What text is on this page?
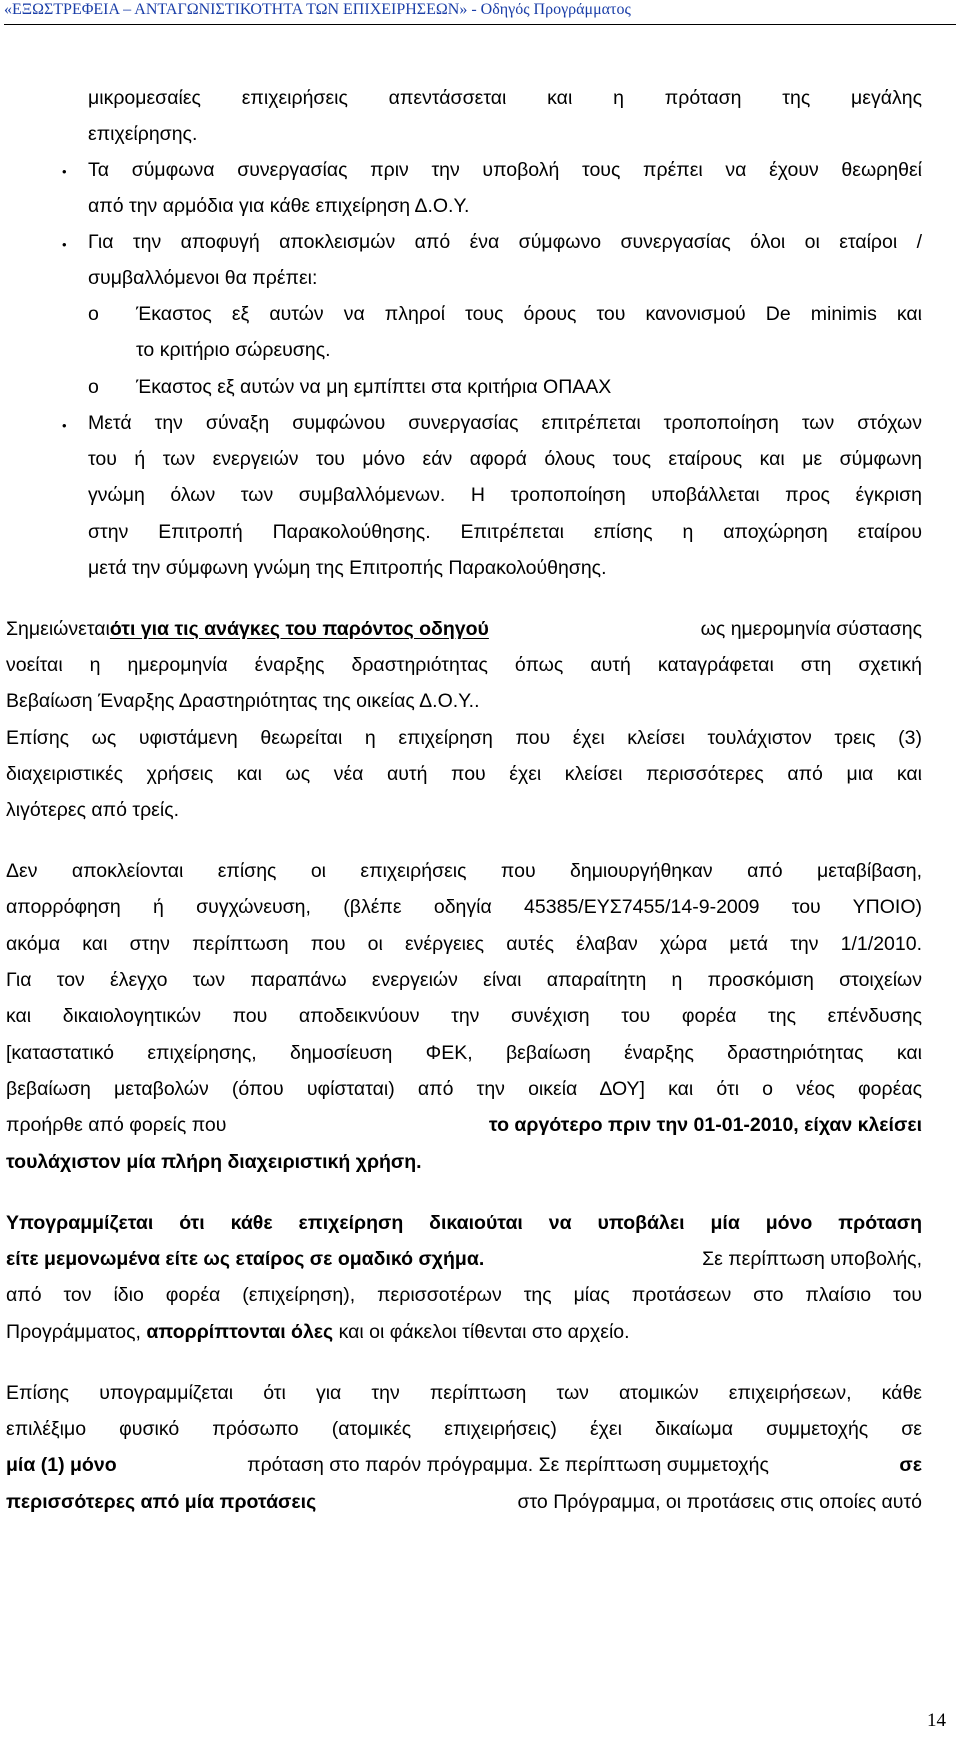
«ΕΞΩΣΤΡΕΦΕΙΑ – ΑΝΤΑΓΩΝΙΣΤΙΚΟΤΗΤΑ ΤΩΝ ΕΠΙΧΕΙΡΗΣΕΩΝ» - Οδηγός Προγράμματος
μικρομεσαίες επιχειρήσεις απεντάσσεται και η πρόταση της μεγάλης
επιχείρησης.
• Τα σύμφωνα συνεργασίας πριν την υποβολή τους πρέπει να έχουν θεωρηθεί
από την αρμόδια για κάθε επιχείρηση Δ.Ο.Υ.
• Για την αποφυγή αποκλεισμών από ένα σύμφωνο συνεργασίας όλοι οι εταίροι /
συμβαλλόμενοι θα πρέπει:
o Έκαστος εξ αυτών να πληροί τους όρους του κανονισμού De minimis και
το κριτήριο σώρευσης.
o Έκαστος εξ αυτών να μη εμπίπτει στα κριτήρια ΟΠΑΑΧ
• Μετά την σύναξη συμφώνου συνεργασίας επιτρέπεται τροποποίηση των στόχων
του ή των ενεργειών του μόνο εάν αφορά όλους τους εταίρους και με σύμφωνη
γνώμη όλων των συμβαλλόμενων. Η τροποποίηση υποβάλλεται προς έγκριση
στην Επιτροπή Παρακολούθησης. Επιτρέπεται επίσης η αποχώρηση εταίρου
μετά την σύμφωνη γνώμη της Επιτροπής Παρακολούθησης.
Σημειώνεται ότι για τις ανάγκες του παρόντος οδηγού	ως ημερομηνία σύστασης
νοείται η ημερομηνία έναρξης δραστηριότητας όπως αυτή καταγράφεται στη σχετική
Βεβαίωση Έναρξης Δραστηριότητας της οικείας Δ.Ο.Υ..
Επίσης ως υφιστάμενη θεωρείται η επιχείρηση που έχει κλείσει τουλάχιστον τρεις (3)
διαχειριστικές χρήσεις και ως νέα αυτή που έχει κλείσει περισσότερες από μια και
λιγότερες από τρείς.
Δεν αποκλείονται επίσης οι επιχειρήσεις που δημιουργήθηκαν από μεταβίβαση,
απορρόφηση ή συγχώνευση, (βλέπε οδηγία 45385/ΕΥΣ7455/14-9-2009 του ΥΠΟΙΟ)
ακόμα και στην περίπτωση που οι ενέργειες αυτές έλαβαν χώρα μετά την 1/1/2010.
Για τον έλεγχο των παραπάνω ενεργειών είναι απαραίτητη η προσκόμιση στοιχείων
και δικαιολογητικών που αποδεικνύουν την συνέχιση του φορέα της επένδυσης
[καταστατικό επιχείρησης, δημοσίευση ΦΕΚ, βεβαίωση έναρξης δραστηριότητας και
βεβαίωση μεταβολών (όπου υφίσταται) από την οικεία ΔΟΥ] και ότι ο νέος φορέας
προήρθε από φορείς που	το αργότερο πριν την 01-01-2010, είχαν κλείσει
τουλάχιστον μία πλήρη διαχειριστική χρήση.
Υπογραμμίζεται ότι κάθε επιχείρηση δικαιούται να υποβάλει μία μόνο πρόταση
είτε μεμονωμένα είτε ως εταίρος σε ομαδικό σχήμα.	Σε περίπτωση υποβολής,
από τον ίδιο φορέα (επιχείρηση), περισσοτέρων της μίας προτάσεων στο πλαίσιο του
Προγράμματος, απορρίπτονται όλες και οι φάκελοι τίθενται στο αρχείο.
Επίσης υπογραμμίζεται ότι για την περίπτωση των ατομικών επιχειρήσεων, κάθε
επιλέξιμο φυσικό πρόσωπο (ατομικές επιχειρήσεις) έχει δικαίωμα συμμετοχής σε
μία (1) μόνο	πρόταση στο παρόν πρόγραμμα. Σε περίπτωση συμμετοχής	σε
περισσότερες από μία προτάσεις	στο Πρόγραμμα, οι προτάσεις στις οποίες αυτό
14
